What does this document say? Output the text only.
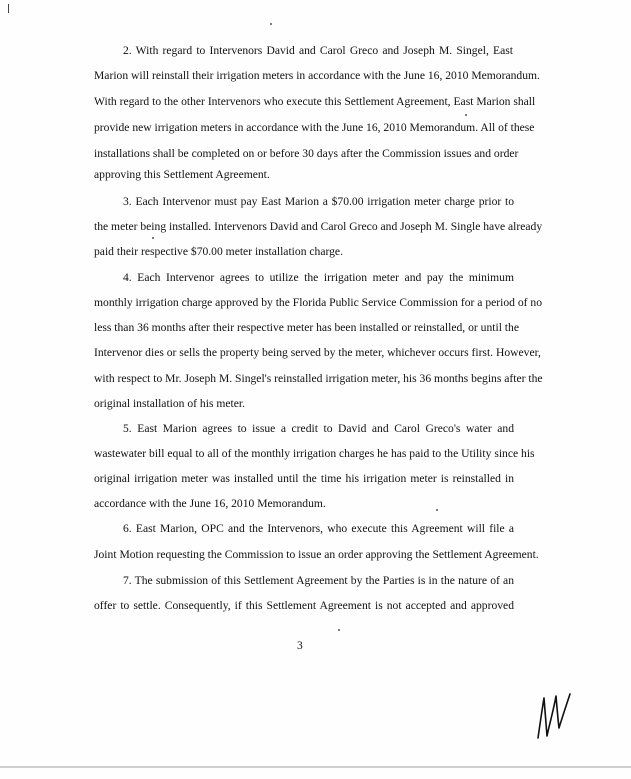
2. With regard to Intervenors David and Carol Greco and Joseph M. Singel, East
Marion will reinstall their irrigation meters in accordance with the June 16, 2010 Memorandum.
With regard to the other Intervenors who execute this Settlement Agreement, East Marion shall
provide new irrigation meters in accordance with the June 16, 2010 Memorandum. All of these
installations shall be completed on or before 30 days after the Commission issues and order
approving this Settlement Agreement.
3. Each Intervenor must pay East Marion a $70.00 irrigation meter charge prior to
the meter being installed. Intervenors David and Carol Greco and Joseph M. Single have already
paid their respective $70.00 meter installation charge.
4. Each Intervenor agrees to utilize the irrigation meter and pay the minimum
monthly irrigation charge approved by the Florida Public Service Commission for a period of no
less than 36 months after their respective meter has been installed or reinstalled, or until the
Intervenor dies or sells the property being served by the meter, whichever occurs first. However,
with respect to Mr. Joseph M. Singel's reinstalled irrigation meter, his 36 months begins after the
original installation of his meter.
5. East Marion agrees to issue a credit to David and Carol Greco's water and
wastewater bill equal to all of the monthly irrigation charges he has paid to the Utility since his
original irrigation meter was installed until the time his irrigation meter is reinstalled in
accordance with the June 16, 2010 Memorandum.
6. East Marion, OPC and the Intervenors, who execute this Agreement will file a
Joint Motion requesting the Commission to issue an order approving the Settlement Agreement.
7. The submission of this Settlement Agreement by the Parties is in the nature of an
offer to settle. Consequently, if this Settlement Agreement is not accepted and approved
3
